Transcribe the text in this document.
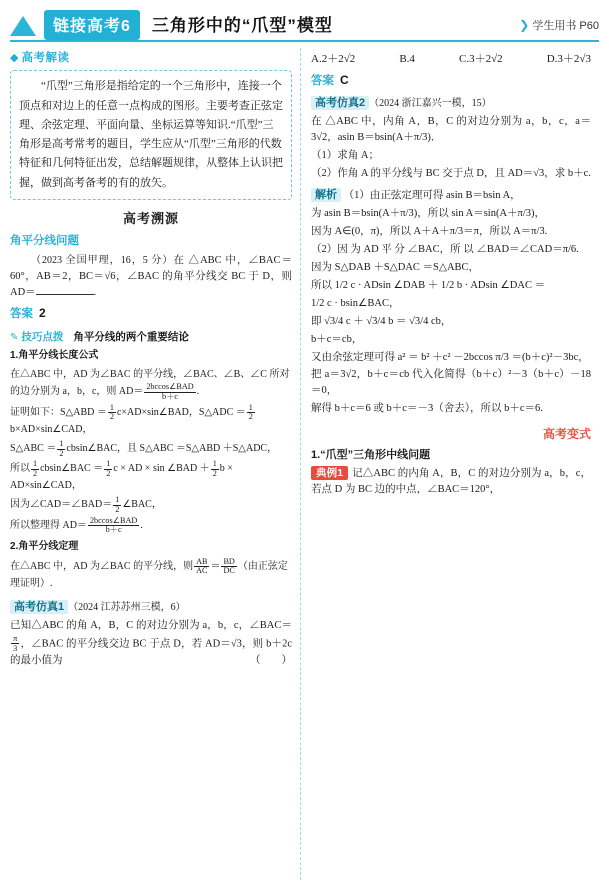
链接高考6	三角形中的“爪型”模型	❯ 学生用书 P60
◆ 高考解读
“爪型”三角形是指给定的一个三角形中，连接一个顶点和对边上的任意一点构成的图形。主要考查正弦定理、余弦定理、平面向量、坐标运算等知识.“爪型”三角形是高考常考的题目，学生应从“爪型”三角形的代数特征和几何特征出发，总结解题规律，从整体上认识把握，做到高考备考的有的放矢。
高考溯源
角平分线问题
（2023 全国甲理，16，5 分）在 △ABC 中，∠BAC＝60°，AB＝2，BC＝√6，∠BAC 的角平分线交 BC 于 D，则 AD＝	.
答案 2
✎ 技巧点拨 角平分线的两个重要结论
1.角平分线长度公式
在△ABC 中，AD 为∠BAC 的平分线，∠BAC、∠B、∠C 所对的边分别为 a，b，c，则 $AD= \frac{\text{2bccos∠BAD}}{b+c}$ .
证明如下：S△ABD ＝ $\frac{1}{2}$ c×AD×sin∠BAD，S△ADC ＝ $\frac{1}{2}$
b×AD×sin∠CAD，
S△ABC ＝ $\frac{1}{2}$ cbsin∠BAC，且 S△ABC ＝S△ABD ＋S△ADC，
所以 $\frac{1}{2}$ cbsin∠BAC ＝ $\frac{1}{2}$ c × AD × sin ∠BAD ＋ $\frac{1}{2}$ b × AD×sin∠CAD，
因为∠CAD＝∠BAD＝ $\frac{1}{2}$ ∠BAC，
所以整理得 $AD= \frac{\text{2bccos∠BAD}}{b+c}$ .
2.角平分线定理
在△ABC 中，AD 为∠BAC 的平分线，则 $\frac{AB}{AC} = \frac{BD}{DC}$ （由正弦定理证明）.
高考仿真1 （2024 江苏苏州三模，6）
已知△ABC 的角 A，B，C 的对边分别为 a，b，c，∠BAC＝
$\frac{\pi}{3}$ ，∠BAC 的平分线交边 BC 于点 D，若 AD＝√3，则 b＋2c 的最小值为	（　　）
A.2＋2√2	B.4	C.3＋2√2	D.3＋2√3
答案 C
高考仿真2 （2024 浙江嘉兴一模，15）
在 △ABC 中，内角 A，B，C 的对边分别为 a，b，c，a＝3√2，asin B＝bsin(A＋π/3)．
（1）求角 A；
（2）作角 A 的平分线与 BC 交于点 D，且 AD＝√3，求 b＋c.
解析 （1）由正弦定理可得 asin B＝bsin A，
为 asin B＝bsin(A＋π/3)，所以 sin A＝sin(A＋π/3)，
因为 A∈(0，π)，所以 A＋A＋π/3＝π，所以 A＝π/3.
（2）因 为 AD 平 分 ∠BAC，所 以 ∠BAD＝∠CAD＝π/6.
因为 S△DAB ＋S△DAC ＝S△ABC，
所以 1/2 c · ADsin ∠DAB ＋ 1/2 b · ADsin ∠DAC ＝
1/2 c · bsin∠BAC，
即 √3/4 c ＋ √3/4 b ＝ √3/4 cb，
b＋c＝cb，
又由余弦定理可得 a² ＝ b² ＋c² －2bccos π/3 ＝(b＋c)²－3bc，
把 a＝3√2，b＋c＝cb 代入化简得（b＋c）²－3（b＋c）－18＝0，
解得 b＋c＝6 或 b＋c＝－3（舍去），所以 b＋c＝6.
高考变式
1.“爪型”三角形中线问题
典例1 记△ABC 的内角 A，B，C 的对边分别为 a，b，c，若点 D 为 BC 边的中点，∠BAC＝120°，
